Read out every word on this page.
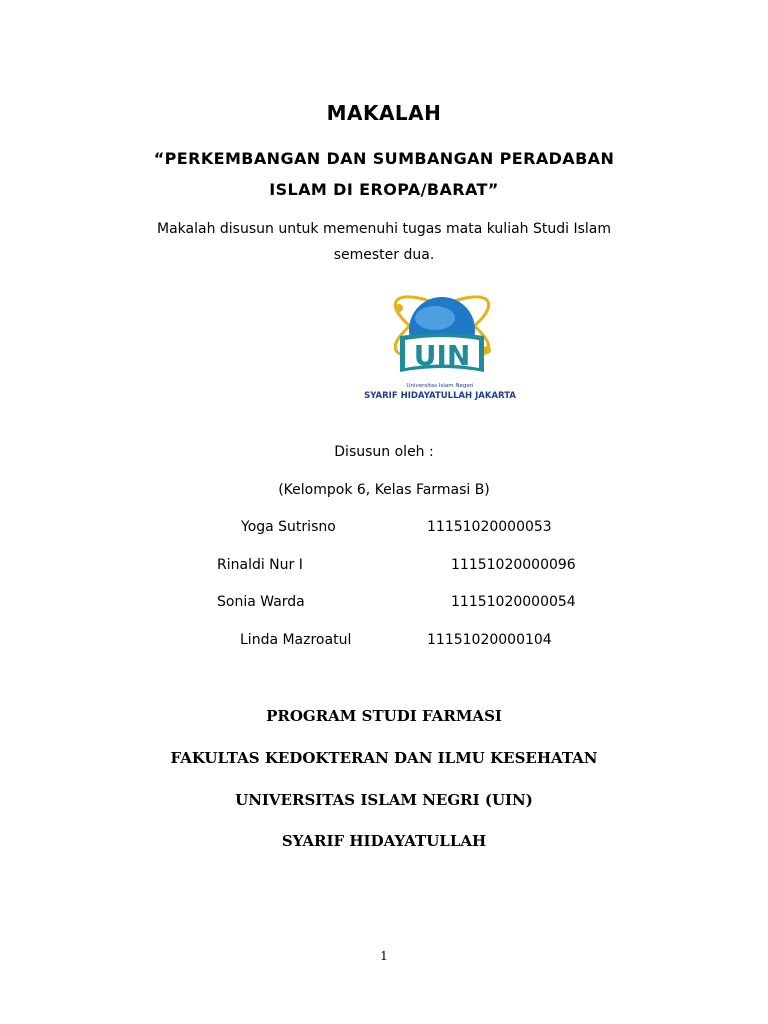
MAKALAH
“PERKEMBANGAN DAN SUMBANGAN PERADABAN
ISLAM DI EROPA/BARAT”
Makalah disusun untuk memenuhi tugas mata kuliah Studi Islam
semester dua.
UIN
Universitas Islam Negeri
SYARIF HIDAYATULLAH JAKARTA
Disusun oleh :
(Kelompok 6, Kelas Farmasi B)
Yoga Sutrisno	11151020000053
Rinaldi Nur I	11151020000096
Sonia Warda	11151020000054
Linda Mazroatul	11151020000104
PROGRAM STUDI FARMASI
FAKULTAS KEDOKTERAN DAN ILMU KESEHATAN
UNIVERSITAS ISLAM NEGRI (UIN)
SYARIF HIDAYATULLAH
1
